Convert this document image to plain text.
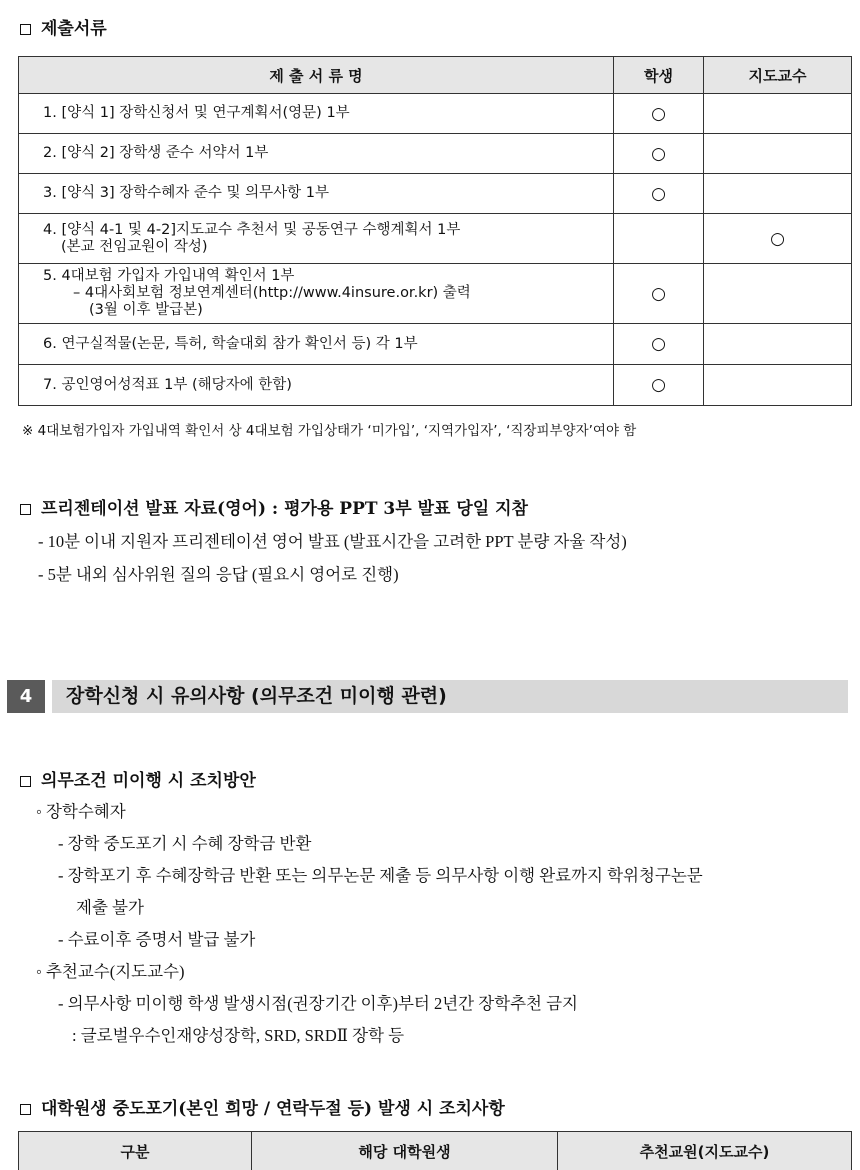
제출서류
제 출 서 류 명	학생	지도교수

1. [양식 1] 장학신청서 및 연구계획서(영문) 1부	○	

2. [양식 2] 장학생 준수 서약서 1부	○	

3. [양식 3] 장학수혜자 준수 및 의무사항 1부	○	

4. [양식 4-1 및 4-2]지도교수 추천서 및 공동연구 수행계획서 1부
(본교 전임교원이 작성)		○

5. 4대보험 가입자 가입내역 확인서 1부
– 4대사회보험 정보연계센터(http://www.4insure.or.kr) 출력
(3월 이후 발급본)	○	

6. 연구실적물(논문, 특허, 학술대회 참가 확인서 등) 각 1부	○	

7. 공인영어성적표 1부 (해당자에 한함)	○	
※ 4대보험가입자 가입내역 확인서 상 4대보험 가입상태가 ‘미가입’, ‘지역가입자’, ‘직장피부양자’여야 함
프리젠테이션 발표 자료(영어) : 평가용 PPT 3부 발표 당일 지참
- 10분 이내 지원자 프리젠테이션 영어 발표 (발표시간을 고려한 PPT 분량 자율 작성)
- 5분 내외 심사위원 질의 응답 (필요시 영어로 진행)
4	장학신청 시 유의사항 (의무조건 미이행 관련)
의무조건 미이행 시 조치방안
◦ 장학수혜자
- 장학 중도포기 시 수혜 장학금 반환
- 장학포기 후 수혜장학금 반환 또는 의무논문 제출 등 의무사항 이행 완료까지 학위청구논문
제출 불가
- 수료이후 증명서 발급 불가
◦ 추천교수(지도교수)
- 의무사항 미이행 학생 발생시점(권장기간 이후)부터 2년간 장학추천 금지
: 글로벌우수인재양성장학, SRD, SRDⅡ 장학 등
대학원생 중도포기(본인 희망 / 연락두절 등) 발생 시 조치사항
구분	해당 대학원생	추천교원(지도교수)
